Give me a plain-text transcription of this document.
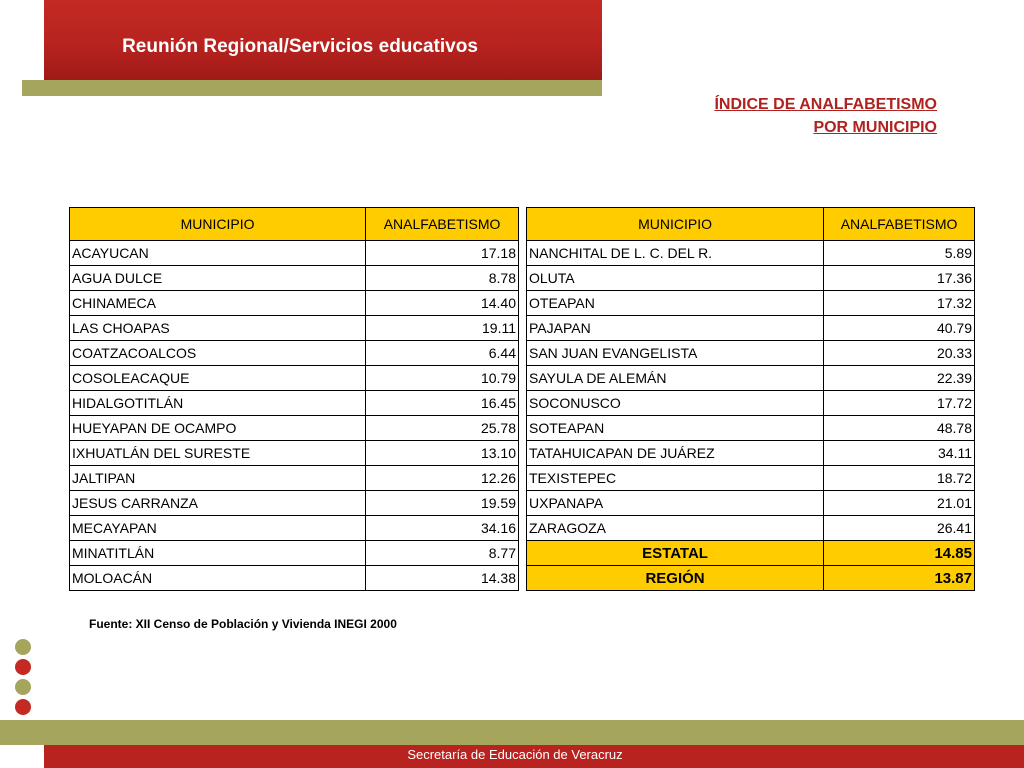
Reunión Regional/Servicios educativos
ÍNDICE DE ANALFABETISMO
POR MUNICIPIO
MUNICIPIO	ANALFABETISMO
ACAYUCAN	17.18
AGUA DULCE	8.78
CHINAMECA	14.40
LAS CHOAPAS	19.11
COATZACOALCOS	6.44
COSOLEACAQUE	10.79
HIDALGOTITLÁN	16.45
HUEYAPAN DE OCAMPO	25.78
IXHUATLÁN DEL SURESTE	13.10
JALTIPAN	12.26
JESUS CARRANZA	19.59
MECAYAPAN	34.16
MINATITLÁN	8.77
MOLOACÁN	14.38
MUNICIPIO	ANALFABETISMO
NANCHITAL DE L. C. DEL R.	5.89
OLUTA	17.36
OTEAPAN	17.32
PAJAPAN	40.79
SAN JUAN EVANGELISTA	20.33
SAYULA DE ALEMÁN	22.39
SOCONUSCO	17.72
SOTEAPAN	48.78
TATAHUICAPAN DE JUÁREZ	34.11
TEXISTEPEC	18.72
UXPANAPA	21.01
ZARAGOZA	26.41
ESTATAL	14.85
REGIÓN	13.87
Fuente: XII Censo de Población y Vivienda INEGI 2000
Secretaría de Educación de Veracruz
